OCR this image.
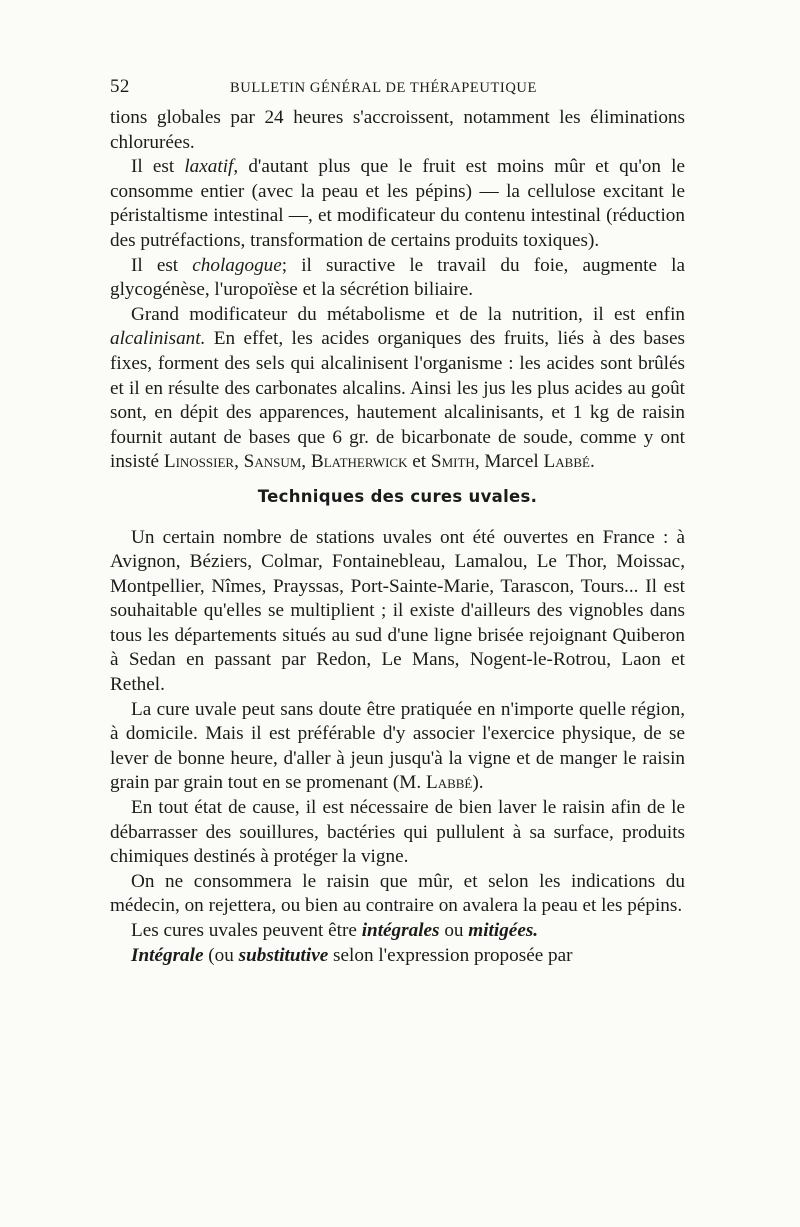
52	BULLETIN GÉNÉRAL DE THÉRAPEUTIQUE

tions globales par 24 heures s'accroissent, notamment les éliminations chlorurées.

Il est laxatif, d'autant plus que le fruit est moins mûr et qu'on le consomme entier (avec la peau et les pépins) — la cellulose excitant le péristaltisme intestinal —, et modificateur du contenu intestinal (réduction des putréfactions, transformation de certains produits toxiques).

Il est cholagogue; il suractive le travail du foie, augmente la glycogénèse, l'uropoïèse et la sécrétion biliaire.

Grand modificateur du métabolisme et de la nutrition, il est enfin alcalinisant. En effet, les acides organiques des fruits, liés à des bases fixes, forment des sels qui alcalinisent l'organisme : les acides sont brûlés et il en résulte des carbonates alcalins. Ainsi les jus les plus acides au goût sont, en dépit des apparences, hautement alcalinisants, et 1 kg de raisin fournit autant de bases que 6 gr. de bicarbonate de soude, comme y ont insisté Linossier, Sansum, Blatherwick et Smith, Marcel Labbé.

Techniques des cures uvales.

Un certain nombre de stations uvales ont été ouvertes en France : à Avignon, Béziers, Colmar, Fontainebleau, Lamalou, Le Thor, Moissac, Montpellier, Nîmes, Prayssas, Port-Sainte-Marie, Tarascon, Tours... Il est souhaitable qu'elles se multiplient ; il existe d'ailleurs des vignobles dans tous les départements situés au sud d'une ligne brisée rejoignant Quiberon à Sedan en passant par Redon, Le Mans, Nogent-le-Rotrou, Laon et Rethel.

La cure uvale peut sans doute être pratiquée en n'importe quelle région, à domicile. Mais il est préférable d'y associer l'exercice physique, de se lever de bonne heure, d'aller à jeun jusqu'à la vigne et de manger le raisin grain par grain tout en se promenant (M. Labbé).

En tout état de cause, il est nécessaire de bien laver le raisin afin de le débarrasser des souillures, bactéries qui pullulent à sa surface, produits chimiques destinés à protéger la vigne.

On ne consommera le raisin que mûr, et selon les indications du médecin, on rejettera, ou bien au contraire on avalera la peau et les pépins.

Les cures uvales peuvent être intégrales ou mitigées.

Intégrale (ou substitutive selon l'expression proposée par
